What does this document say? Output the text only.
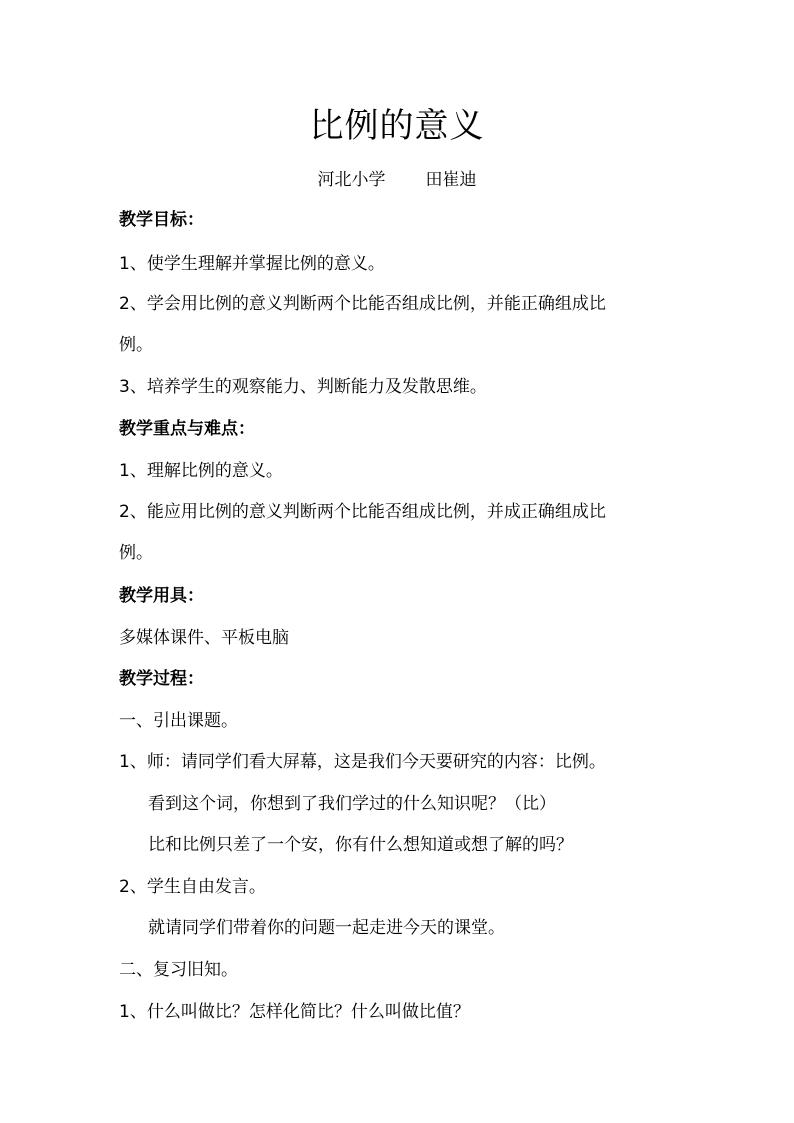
比例的意义
河北小学 田崔迪
教学目标：
1、使学生理解并掌握比例的意义。
2、学会用比例的意义判断两个比能否组成比例，并能正确组成比
例。
3、培养学生的观察能力、判断能力及发散思维。
教学重点与难点：
1、理解比例的意义。
2、能应用比例的意义判断两个比能否组成比例，并成正确组成比
例。
教学用具：
多媒体课件、平板电脑
教学过程：
一、引出课题。
1、师：请同学们看大屏幕，这是我们今天要研究的内容：比例。
看到这个词，你想到了我们学过的什么知识呢？（比）
比和比例只差了一个安，你有什么想知道或想了解的吗？
2、学生自由发言。
就请同学们带着你的问题一起走进今天的课堂。
二、复习旧知。
1、什么叫做比？怎样化简比？什么叫做比值？
